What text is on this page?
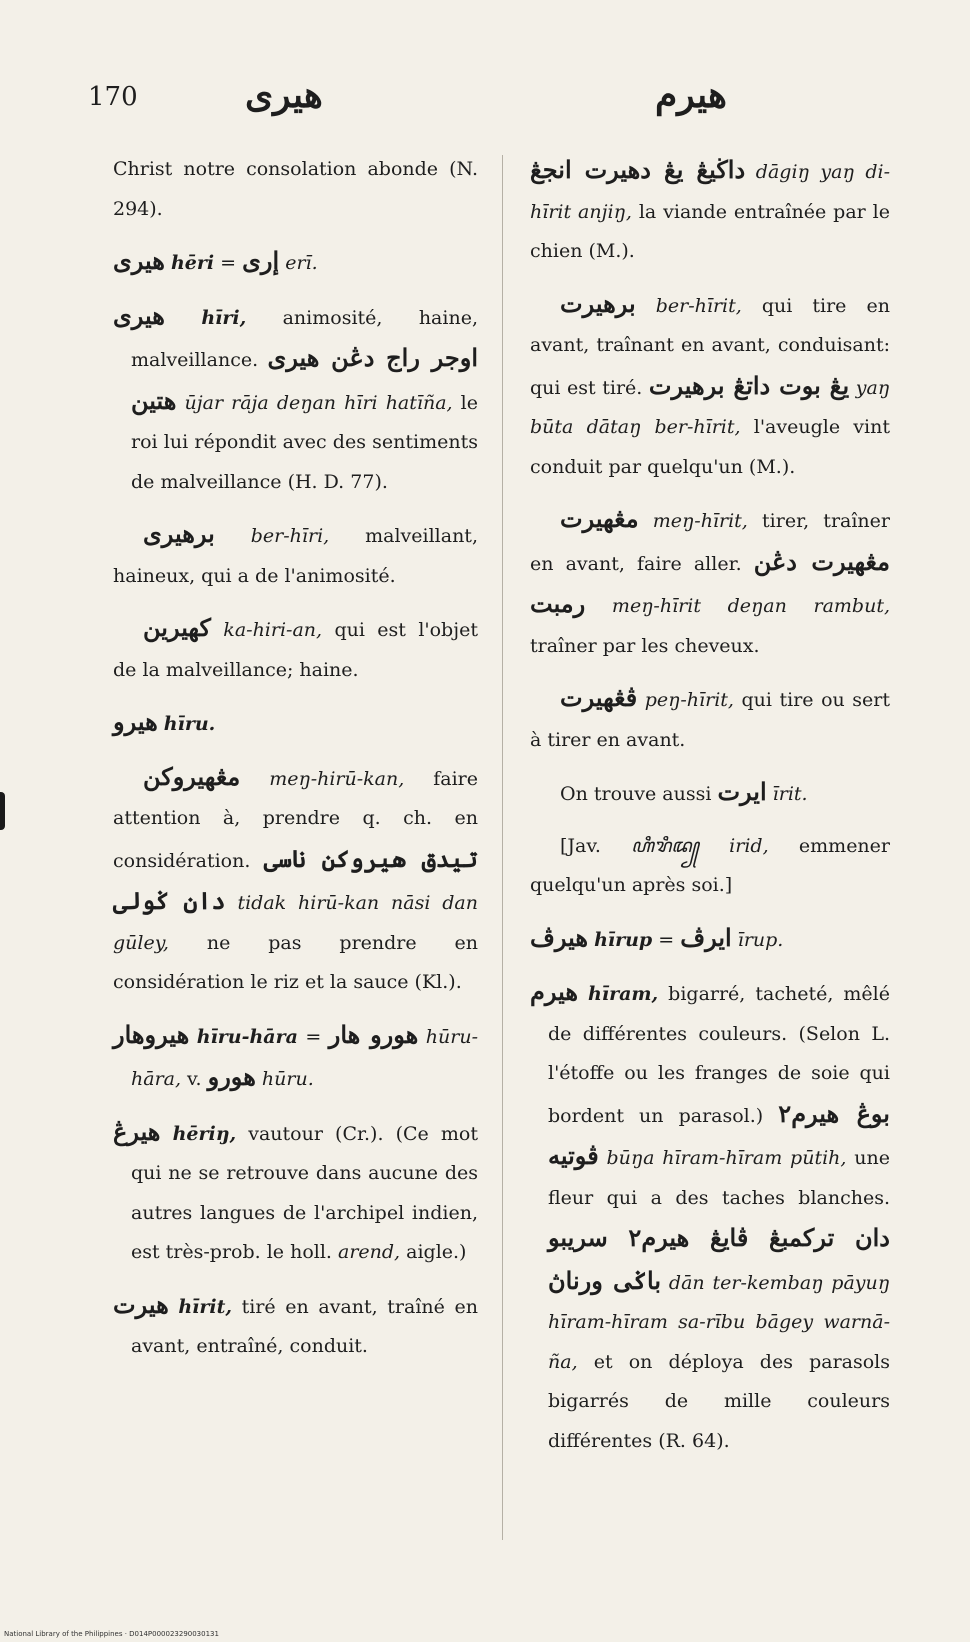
170	هيرى	هيرم

Christ notre consolation abonde (N. 294).

هيرى hēri = إرى erī.

هيرى hīri, animosité, haine, malveillance. اوجر راج دڠن هيرى هتين ūjar rāja deŋan hīri hatīña, le roi lui répondit avec des sentiments de malveillance (H. D. 77).

برهيرى ber-hīri, malveillant, haineux, qui a de l'animosité.

کهيرين ka-hiri-an, qui est l'objet de la malveillance; haine.

هيرو hīru.

مڠهيروکن meŋ-hirū-kan, faire attention à, prendre q. ch. en considération. تيدق هيروکن ناسى دان ݢولى tidak hirū-kan nāsi dan gūley, ne pas prendre en considération le riz et la sauce (Kl.).

هيروهار hīru-hāra = هورو هار hūru-hāra, v. هورو hūru.

هيرڠ hēriŋ, vautour (Cr.). (Ce mot qui ne se retrouve dans aucune des autres langues de l'archipel indien, est très-prob. le holl. arend, aigle.)

هيرت hīrit, tiré en avant, traîné en avant, entraîné, conduit.

داڬيڠ يڠ دهيرت انجڠ dāgiŋ yaŋ di-hīrit anjiŋ, la viande entraînée par le chien (M.).

برهيرت ber-hīrit, qui tire en avant, traînant en avant, conduisant: qui est tiré. يڠ بوت داتڠ برهيرت yaŋ būta dātaŋ ber-hīrit, l'aveugle vint conduit par quelqu'un (M.).

مڠهيرت meŋ-hīrit, tirer, traîner en avant, faire aller. مڠهيرت دڠن رمبت meŋ-hīrit deŋan rambut, traîner par les cheveux.

ڤڠهيرت peŋ-hīrit, qui tire ou sert à tirer en avant.

On trouve aussi ايرت īrit.

[Jav. ꦲꦶꦫꦶꦢ꧀ irid, emmener quelqu'un après soi.]

هيرڤ hīrup = ايرڤ īrup.

هيرم hīram, bigarré, tacheté, mêlé de différentes couleurs. (Selon L. l'étoffe ou les franges de soie qui bordent un parasol.) بوڠ هيرم٢ ڤوتيه būŋa hīram-hīram pūtih, une fleur qui a des taches blanches. دان ترکمبڠ ڤايڠ هيرم٢ سريبو باݢى ورناڽ dān ter-kembaŋ pāyuŋ hīram-hīram sa-rību bāgey warnā-ña, et on déploya des parasols bigarrés de mille couleurs différentes (R. 64).

National Library of the Philippines · D014P000023290030131
